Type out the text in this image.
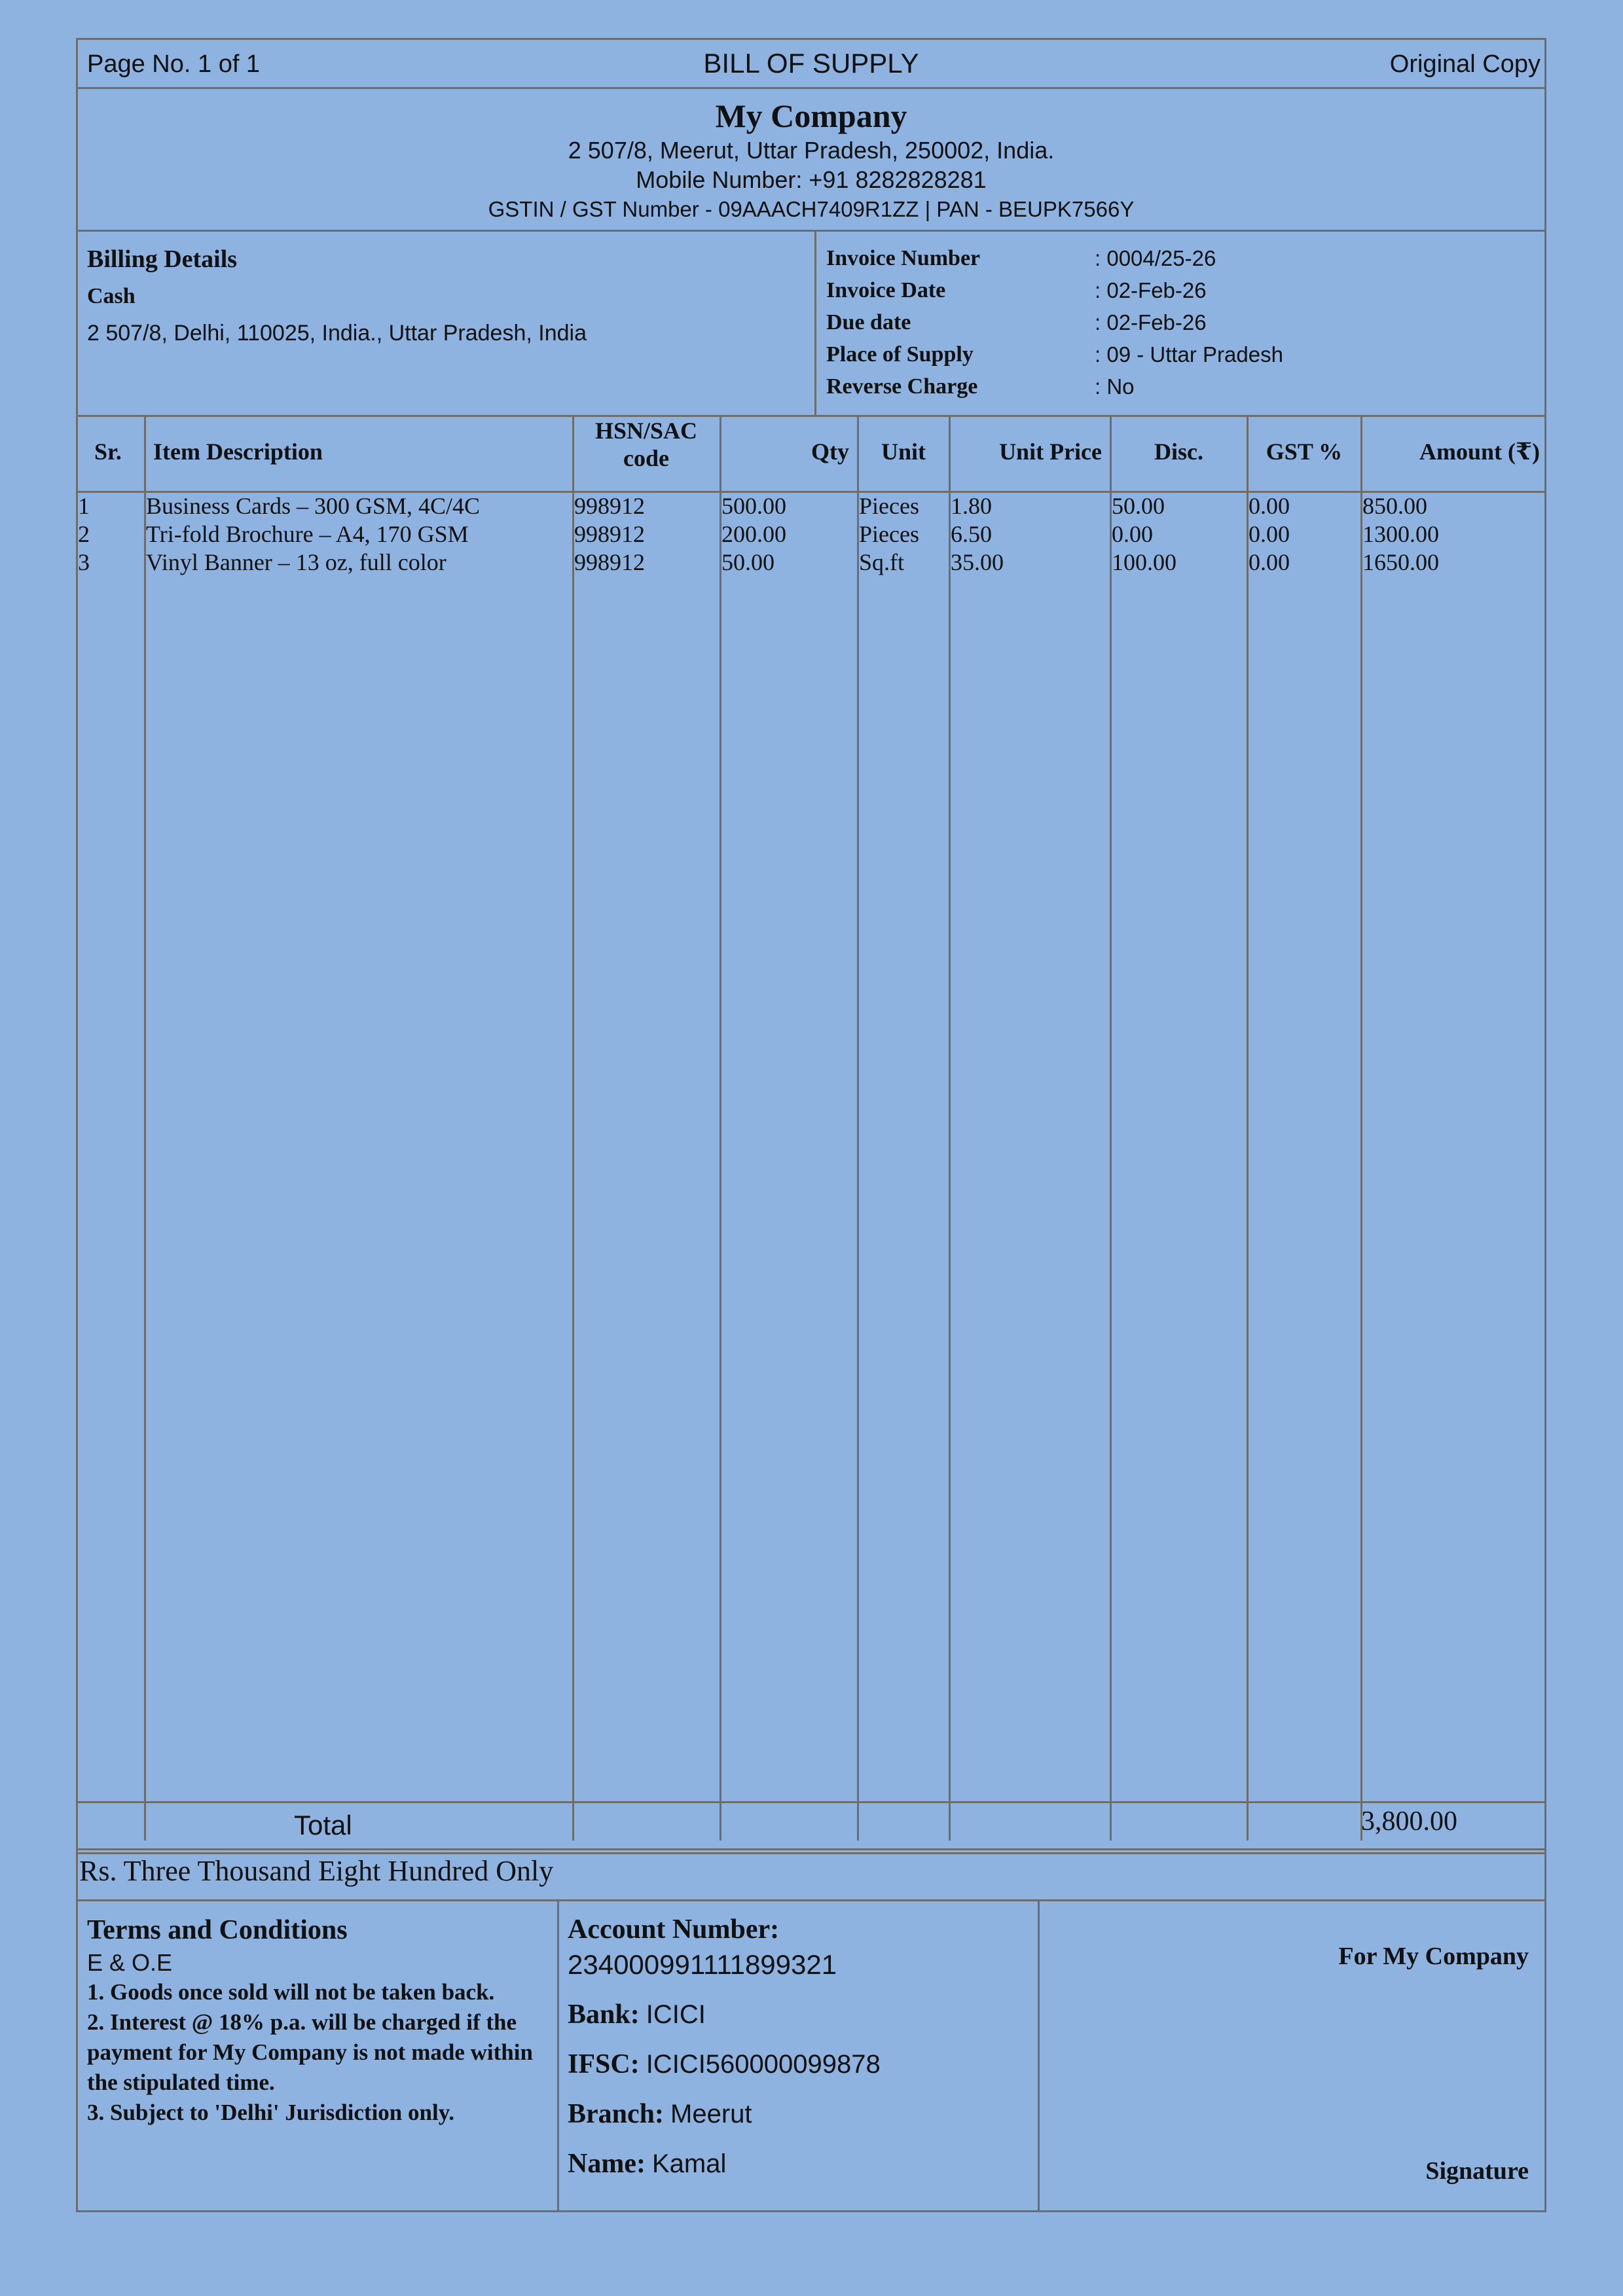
BILL OF SUPPLY
Page No. 1 of 1	Original Copy
My Company
2 507/8, Meerut, Uttar Pradesh, 250002, India.
Mobile Number: +91 8282828281
GSTIN / GST Number - 09AAACH7409R1ZZ | PAN - BEUPK7566Y
Billing Details
Cash
2 507/8, Delhi, 110025, India., Uttar Pradesh, India
Invoice Number	: 0004/25-26
Invoice Date	: 02-Feb-26
Due date	: 02-Feb-26
Place of Supply	: 09 - Uttar Pradesh
Reverse Charge	: No
Sr. Item Description
HSN/SAC
code	Qty	Unit	Unit Price	Disc.	GST %	Amount (₹)
1 Business Cards – 300 GSM, 4C/4C	998912	500.00	Pieces 1.80	50.00	0.00	850.00
2 Tri-fold Brochure – A4, 170 GSM	998912	200.00	Pieces 6.50	0.00	0.00	1300.00
3 Vinyl Banner – 13 oz, full color	998912	50.00	Sq.ft 35.00	100.00	0.00	1650.00
Total	3,800.00
Rs. Three Thousand Eight Hundred Only
Terms and Conditions
E & O.E
1. Goods once sold will not be taken back.
2. Interest @ 18% p.a. will be charged if the payment for My Company is not made within the stipulated time.
3. Subject to 'Delhi' Jurisdiction only.
Account Number:
234000991111899321
Bank: ICICI
IFSC: ICICI560000099878
Branch: Meerut
Name: Kamal
For My Company
Signature
